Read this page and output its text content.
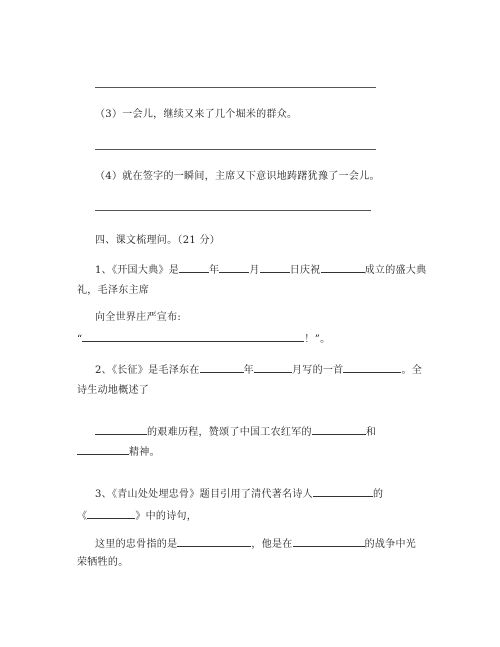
（3）一会儿，继续又来了几个堀米的群众。
（4）就在签字的一瞬间，主席又下意识地踌躇犹豫了一会儿。
四、课文梳理问。（21 分）
1、《开国大典》是	年	月	日庆祝	成立的盛大典
礼，毛泽东主席
向全世界庄严宣布:
“	！”。
2、《长征》是毛泽东在	年	月写的一首	。全
诗生动地概述了
的艰难历程，赞颂了中国工农红军的	和
精神。
3、《青山处处埋忠骨》题目引用了清代著名诗人	的
《	》中的诗句，
这里的忠骨指的是	，他是在	的战争中光
荣牺牲的。
